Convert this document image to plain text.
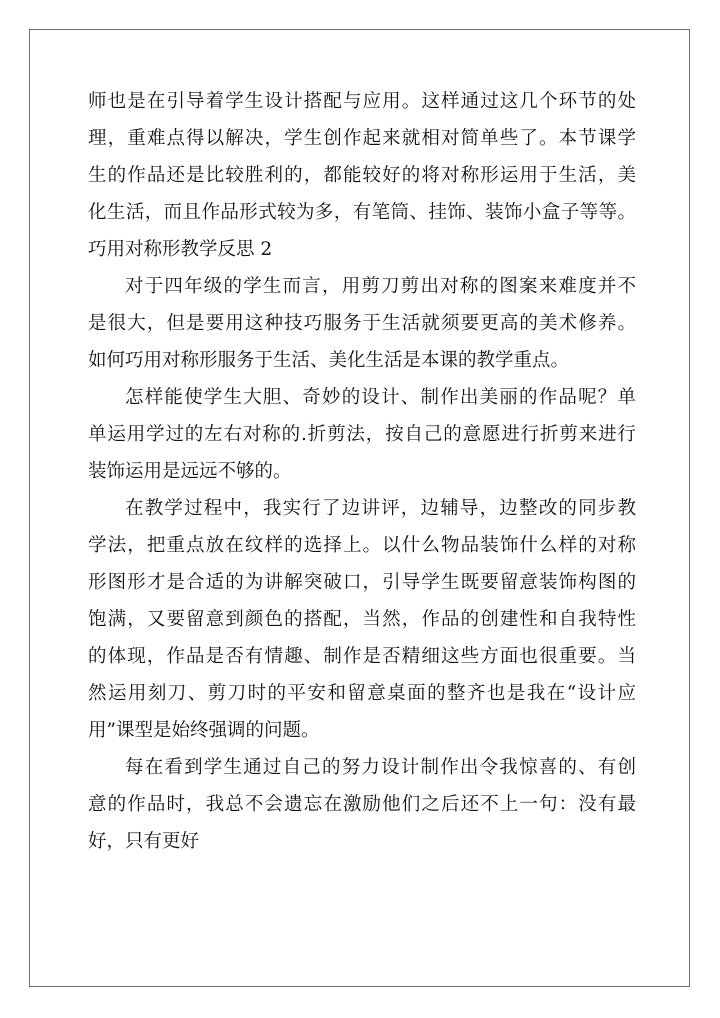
师也是在引导着学生设计搭配与应用。这样通过这几个环节的处
理，重难点得以解决，学生创作起来就相对简单些了。本节课学
生的作品还是比较胜利的，都能较好的将对称形运用于生活，美
化生活，而且作品形式较为多，有笔筒、挂饰、装饰小盒子等等。
巧用对称形教学反思 2
对于四年级的学生而言，用剪刀剪出对称的图案来难度并不
是很大，但是要用这种技巧服务于生活就须要更高的美术修养。
如何巧用对称形服务于生活、美化生活是本课的教学重点。
怎样能使学生大胆、奇妙的设计、制作出美丽的作品呢？单
单运用学过的左右对称的.折剪法，按自己的意愿进行折剪来进行
装饰运用是远远不够的。
在教学过程中，我实行了边讲评，边辅导，边整改的同步教
学法，把重点放在纹样的选择上。以什么物品装饰什么样的对称
形图形才是合适的为讲解突破口，引导学生既要留意装饰构图的
饱满，又要留意到颜色的搭配，当然，作品的创建性和自我特性
的体现，作品是否有情趣、制作是否精细这些方面也很重要。当
然运用刻刀、剪刀时的平安和留意桌面的整齐也是我在“设计应
用”课型是始终强调的问题。
每在看到学生通过自己的努力设计制作出令我惊喜的、有创
意的作品时，我总不会遗忘在激励他们之后还不上一句：没有最
好，只有更好
